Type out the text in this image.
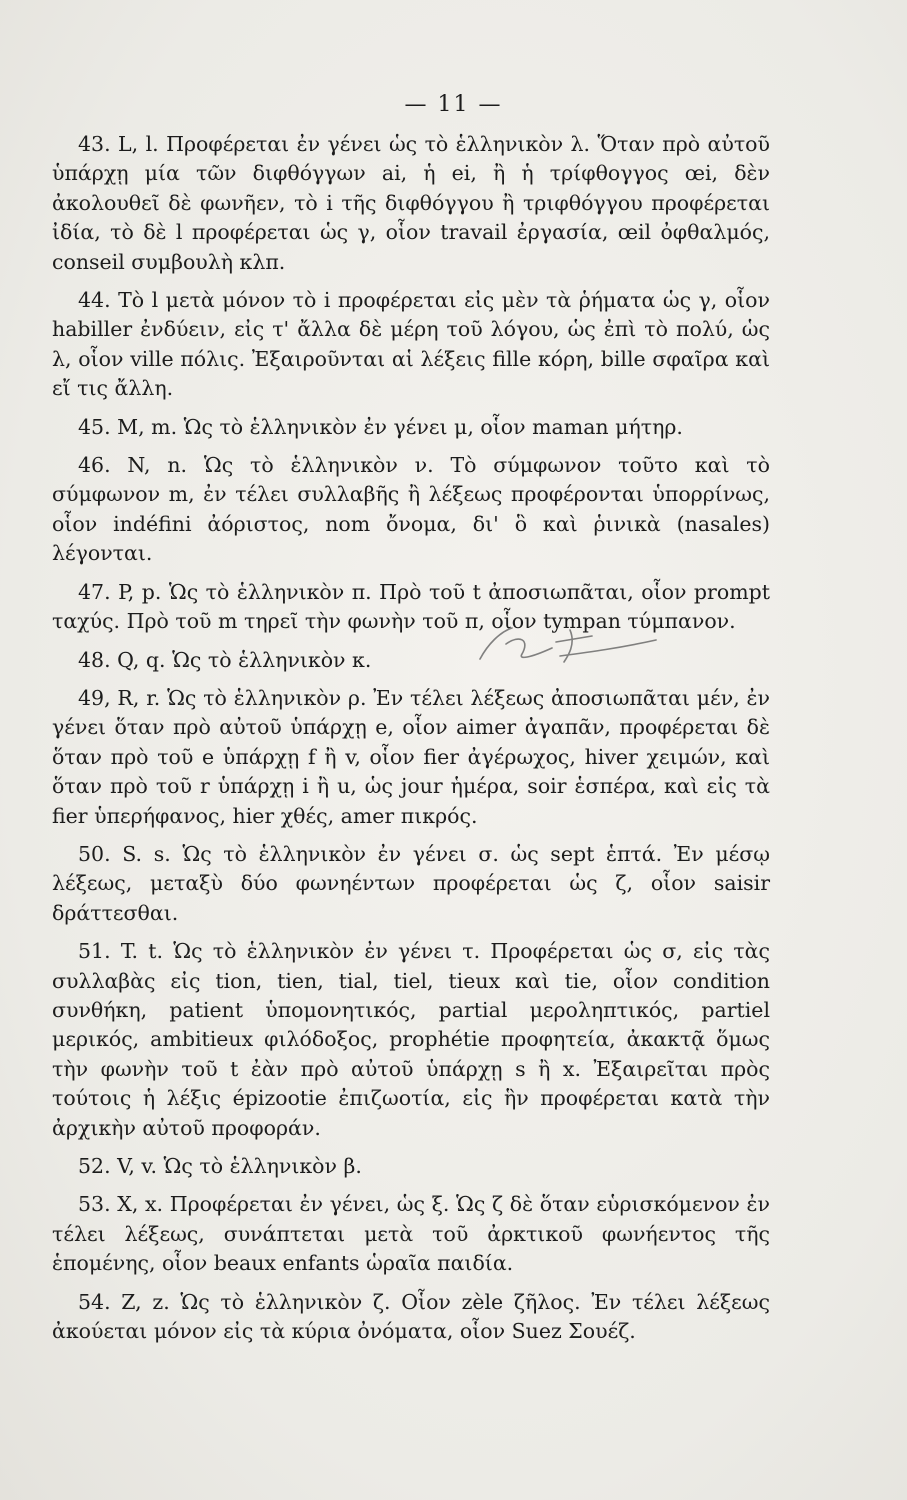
— 11 —

43. L, l. Προφέρεται ἐν γένει ὡς τὸ ἑλληνικὸν λ. Ὅταν πρὸ αὐτοῦ ὑπάρχῃ μία τῶν διφθόγγων ai, ἡ ei, ἢ ἡ τρίφθογγος œi, δὲν ἀκολουθεῖ δὲ φωνῆεν, τὸ i τῆς διφθόγγου ἢ τριφθόγγου προφέρεται ἰδία, τὸ δὲ l προφέρεται ὡς γ, οἷον travail ἐργασία, œil ὀφθαλμός, conseil συμβουλὴ κλπ.

44. Τὸ l μετὰ μόνον τὸ i προφέρεται εἰς μὲν τὰ ῥήματα ὡς γ, οἷον habiller ἐνδύειν, εἰς τ' ἄλλα δὲ μέρη τοῦ λόγου, ὡς ἐπὶ τὸ πολύ, ὡς λ, οἷον ville πόλις. Ἐξαιροῦνται αἱ λέξεις fille κόρη, bille σφαῖρα καὶ εἴ τις ἄλλη.

45. M, m. Ὡς τὸ ἑλληνικὸν ἐν γένει μ, οἷον maman μήτηρ.

46. N, n. Ὡς τὸ ἑλληνικὸν ν. Τὸ σύμφωνον τοῦτο καὶ τὸ σύμφωνον m, ἐν τέλει συλλαβῆς ἢ λέξεως προφέρονται ὑπορρίνως, οἷον indéfini ἀόριστος, nom ὄνομα, δι' ὃ καὶ ῥινικὰ (nasales) λέγονται.

47. P, p. Ὡς τὸ ἑλληνικὸν π. Πρὸ τοῦ t ἀποσιωπᾶται, οἷον prompt ταχύς. Πρὸ τοῦ m τηρεῖ τὴν φωνὴν τοῦ π, οἷον tympan τύμπανον.

48. Q, q. Ὡς τὸ ἑλληνικὸν κ.

49, R, r. Ὡς τὸ ἑλληνικὸν ρ. Ἐν τέλει λέξεως ἀποσιωπᾶται μέν, ἐν γένει ὅταν πρὸ αὐτοῦ ὑπάρχῃ e, οἷον aimer ἀγαπᾶν, προφέρεται δὲ ὅταν πρὸ τοῦ e ὑπάρχῃ f ἢ v, οἷον fier ἀγέρωχος, hiver χειμών, καὶ ὅταν πρὸ τοῦ r ὑπάρχῃ i ἢ u, ὡς jour ἡμέρα, soir ἑσπέρα, καὶ εἰς τὰ fier ὑπερήφανος, hier χθές, amer πικρός.

50. S. s. Ὡς τὸ ἑλληνικὸν ἐν γένει σ. ὡς sept ἑπτά. Ἐν μέσῳ λέξεως, μεταξὺ δύο φωνηέντων προφέρεται ὡς ζ, οἷον saisir δράττεσθαι.

51. T. t. Ὡς τὸ ἑλληνικὸν ἐν γένει τ. Προφέρεται ὡς σ, εἰς τὰς συλλαβὰς εἰς tion, tien, tial, tiel, tieux καὶ tie, οἷον condition συνθήκη, patient ὑπομονητικός, partial μεροληπτικός, partiel μερικός, ambitieux φιλόδοξος, prophétie προφητεία, ἀκακτᾷ ὅμως τὴν φωνὴν τοῦ t ἐὰν πρὸ αὐτοῦ ὑπάρχῃ s ἢ x. Ἐξαιρεῖται πρὸς τούτοις ἡ λέξις épizootie ἐπιζωοτία, εἰς ἣν προφέρεται κατὰ τὴν ἀρχικὴν αὐτοῦ προφοράν.

52. V, v. Ὡς τὸ ἑλληνικὸν β.

53. X, x. Προφέρεται ἐν γένει, ὡς ξ. Ὡς ζ δὲ ὅταν εὑρισκόμενον ἐν τέλει λέξεως, συνάπτεται μετὰ τοῦ ἀρκτικοῦ φωνήεντος τῆς ἑπομένης, οἷον beaux enfants ὡραῖα παιδία.

54. Z, z. Ὡς τὸ ἑλληνικὸν ζ. Οἷον zèle ζῆλος. Ἐν τέλει λέξεως ἀκούεται μόνον εἰς τὰ κύρια ὀνόματα, οἷον Suez Σουέζ.
